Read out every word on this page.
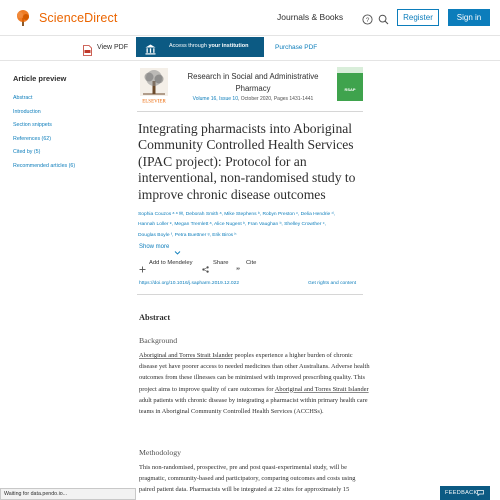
ScienceDirect	Journals & Books	?	Register	Sign in
View PDF	Access through your institution	Purchase PDF
Article preview
Abstract
Introduction
Section snippets
References (62)
Cited by (5)
Recommended articles (6)
ELSEVIER
Research in Social and Administrative Pharmacy
Volume 16, Issue 10, October 2020, Pages 1431-1441
RSAP
Integrating pharmacists into Aboriginal Community Controlled Health Services (IPAC project): Protocol for an interventional, non-randomised study to improve chronic disease outcomes
Sophia Couzos ᵃ ᵃ ✉, Deborah Smith ᵃ, Mike Stephens ᵇ, Robyn Preston ᶜ, Delia Hendrie ᵈ,
Hannah Loller ᵉ, Megan Tremlett ᵃ, Alice Nugent ᵇ, Fran Vaughan ᵇ, Shelley Crowther ᶜ,
Douglas Boyle ᶠ, Petra Buettner ᵍ, Erik Biros ʰ
Show more
Add to Mendeley	Share
”
Cite
https://doi.org/10.1016/j.sapharm.2019.12.022	Get rights and content
Abstract
Background
Aboriginal and Torres Strait Islander peoples experience a higher burden of chronic disease yet have poorer access to needed medicines than other Australians. Adverse health outcomes from these illnesses can be minimised with improved prescribing quality. This project aims to improve quality of care outcomes for Aboriginal and Torres Strait Islander adult patients with chronic disease by integrating a pharmacist within primary health care teams in Aboriginal Community Controlled Health Services (ACCHSs).
Methodology
This non-randomised, prospective, pre and post quasi-experimental study, will be pragmatic, community-based and participatory, comparing outcomes and costs using paired patient data. Pharmacists will be integrated at 22 sites for approximately 15
Waiting for data.pendo.io...	FEEDBACK
